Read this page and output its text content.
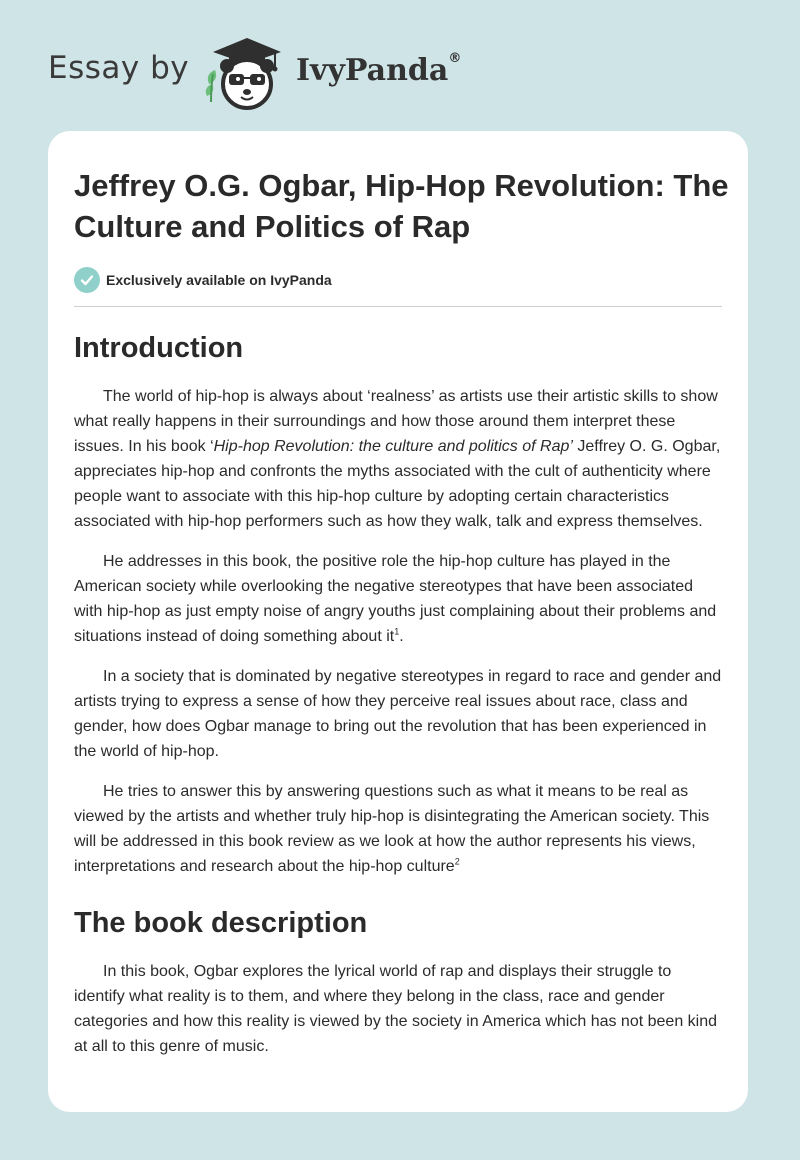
Essay by	IvyPanda®
Jeffrey O.G. Ogbar, Hip-Hop Revolution: The Culture and Politics of Rap
Exclusively available on IvyPanda
Introduction

The world of hip-hop is always about ‘realness’ as artists use their artistic skills to show what really happens in their surroundings and how those around them interpret these issues. In his book ‘Hip-hop Revolution: the culture and politics of Rap’ Jeffrey O. G. Ogbar, appreciates hip-hop and confronts the myths associated with the cult of authenticity where people want to associate with this hip-hop culture by adopting certain characteristics associated with hip-hop performers such as how they walk, talk and express themselves.

He addresses in this book, the positive role the hip-hop culture has played in the American society while overlooking the negative stereotypes that have been associated with hip-hop as just empty noise of angry youths just complaining about their problems and situations instead of doing something about it$^1$.

In a society that is dominated by negative stereotypes in regard to race and gender and artists trying to express a sense of how they perceive real issues about race, class and gender, how does Ogbar manage to bring out the revolution that has been experienced in the world of hip-hop.

He tries to answer this by answering questions such as what it means to be real as viewed by the artists and whether truly hip-hop is disintegrating the American society. This will be addressed in this book review as we look at how the author represents his views, interpretations and research about the hip-hop culture$^2$

The book description

In this book, Ogbar explores the lyrical world of rap and displays their struggle to identify what reality is to them, and where they belong in the class, race and gender categories and how this reality is viewed by the society in America which has not been kind at all to this genre of music.
